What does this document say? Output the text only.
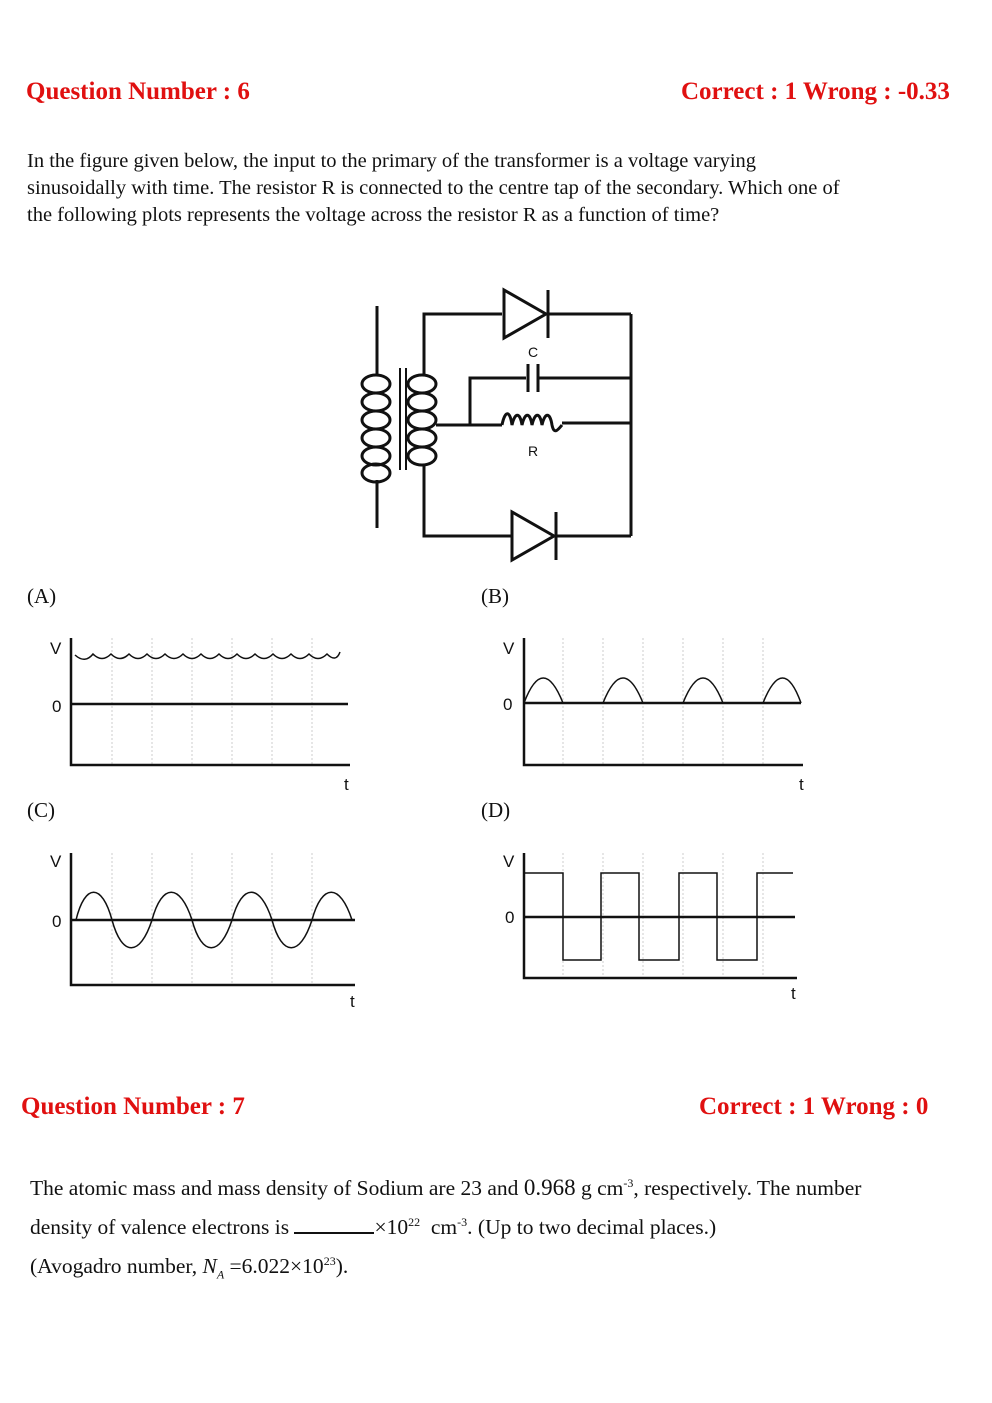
Question Number : 6	Correct : 1 Wrong : -0.33
In the figure given below, the input to the primary of the transformer is a voltage varying
sinusoidally with time. The resistor R is connected to the centre tap of the secondary. Which one of
the following plots represents the voltage across the resistor R as a function of time?
C
R
(A)	(B)
(C)	(D)
V
0
t
V
0
t
V
0
t
V
0
t
Question Number : 7	Correct : 1 Wrong : 0
The atomic mass and mass density of Sodium are 23 and 0.968 g $cm^{-3}$, respectively. The number
density of valence electrons is	$\times 10^{22}$ $cm^{-3}$. (Up to two decimal places.)
(Avogadro number, $N_A =6.022\times 10^{23}$).
